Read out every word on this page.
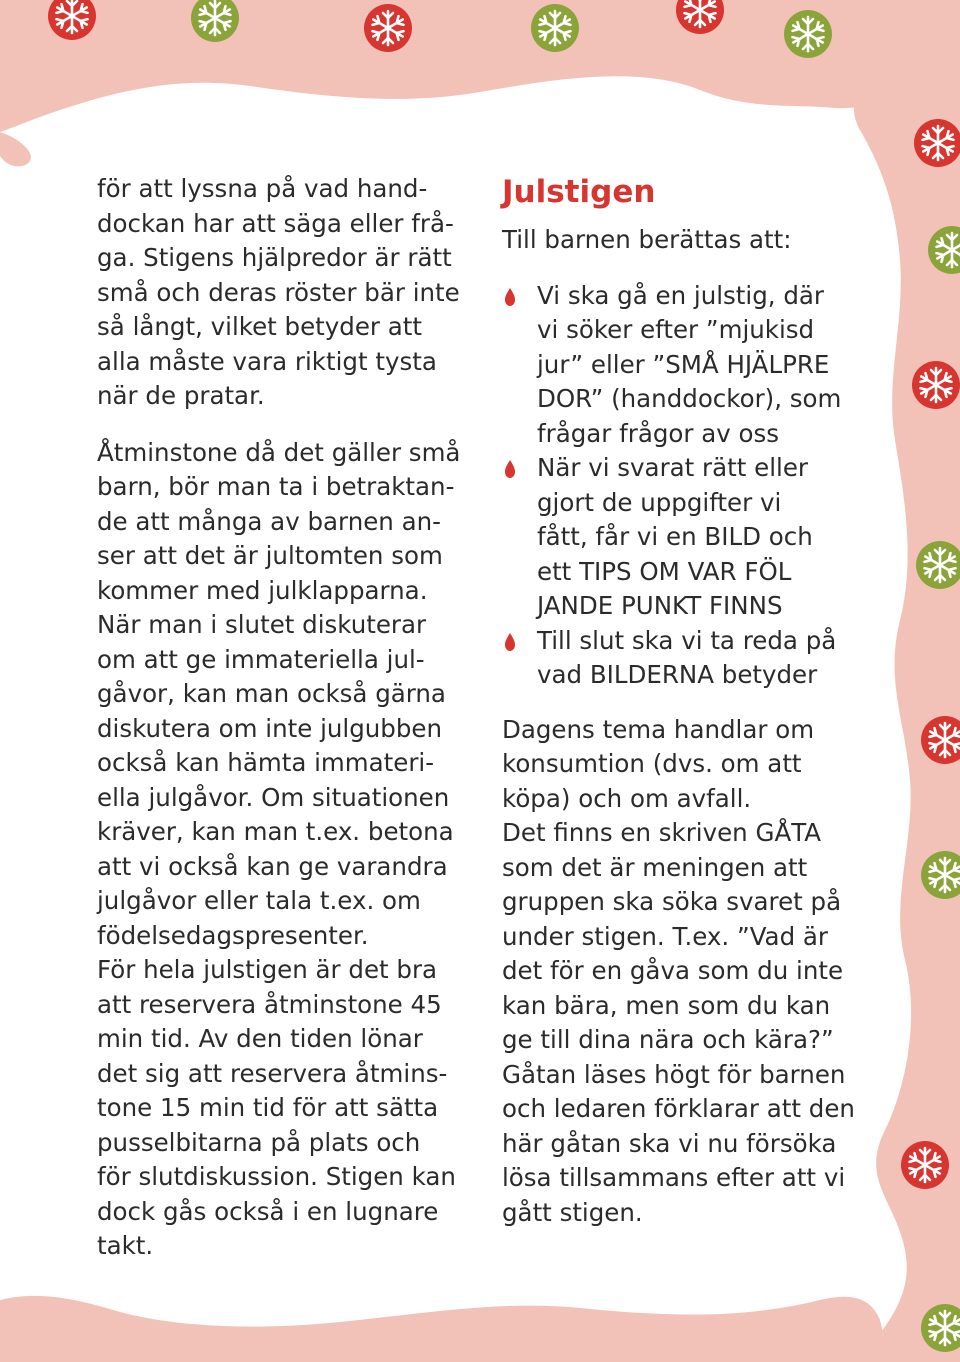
för att lyssna på vad hand-

dockan har att säga eller frå-

ga. Stigens hjälpredor är rätt

små och deras röster bär inte

så långt, vilket betyder att

alla måste vara riktigt tysta

när de pratar.

Åtminstone då det gäller små

barn, bör man ta i betraktan-

de att många av barnen an-

ser att det är jultomten som

kommer med julklapparna.

När man i slutet diskuterar

om att ge immateriella jul-

gåvor, kan man också gärna

diskutera om inte julgubben

också kan hämta immateri-

ella julgåvor. Om situationen

kräver, kan man t.ex. betona

att vi också kan ge varandra

julgåvor eller tala t.ex. om

födelsedagspresenter.

För hela julstigen är det bra

att reservera åtminstone 45

min tid. Av den tiden lönar

det sig att reservera åtmins-

tone 15 min tid för att sätta

pusselbitarna på plats och

för slutdiskussion. Stigen kan

dock gås också i en lugnare

takt.

Julstigen

Till barnen berättas att:

Vi ska gå en julstig, där

vi söker efter ”mjukisd

jur” eller ”SMÅ HJÄLPRE

DOR” (handdockor), som

frågar frågor av oss

När vi svarat rätt eller

gjort de uppgifter vi

fått, får vi en BILD och

ett TIPS OM VAR FÖL

JANDE PUNKT FINNS

Till slut ska vi ta reda på

vad BILDERNA betyder

Dagens tema handlar om

konsumtion (dvs. om att

köpa) och om avfall.

Det finns en skriven GÅTA

som det är meningen att

gruppen ska söka svaret på

under stigen. T.ex. ”Vad är

det för en gåva som du inte

kan bära, men som du kan

ge till dina nära och kära?”

Gåtan läses högt för barnen

och ledaren förklarar att den

här gåtan ska vi nu försöka

lösa tillsammans efter att vi

gått stigen.
